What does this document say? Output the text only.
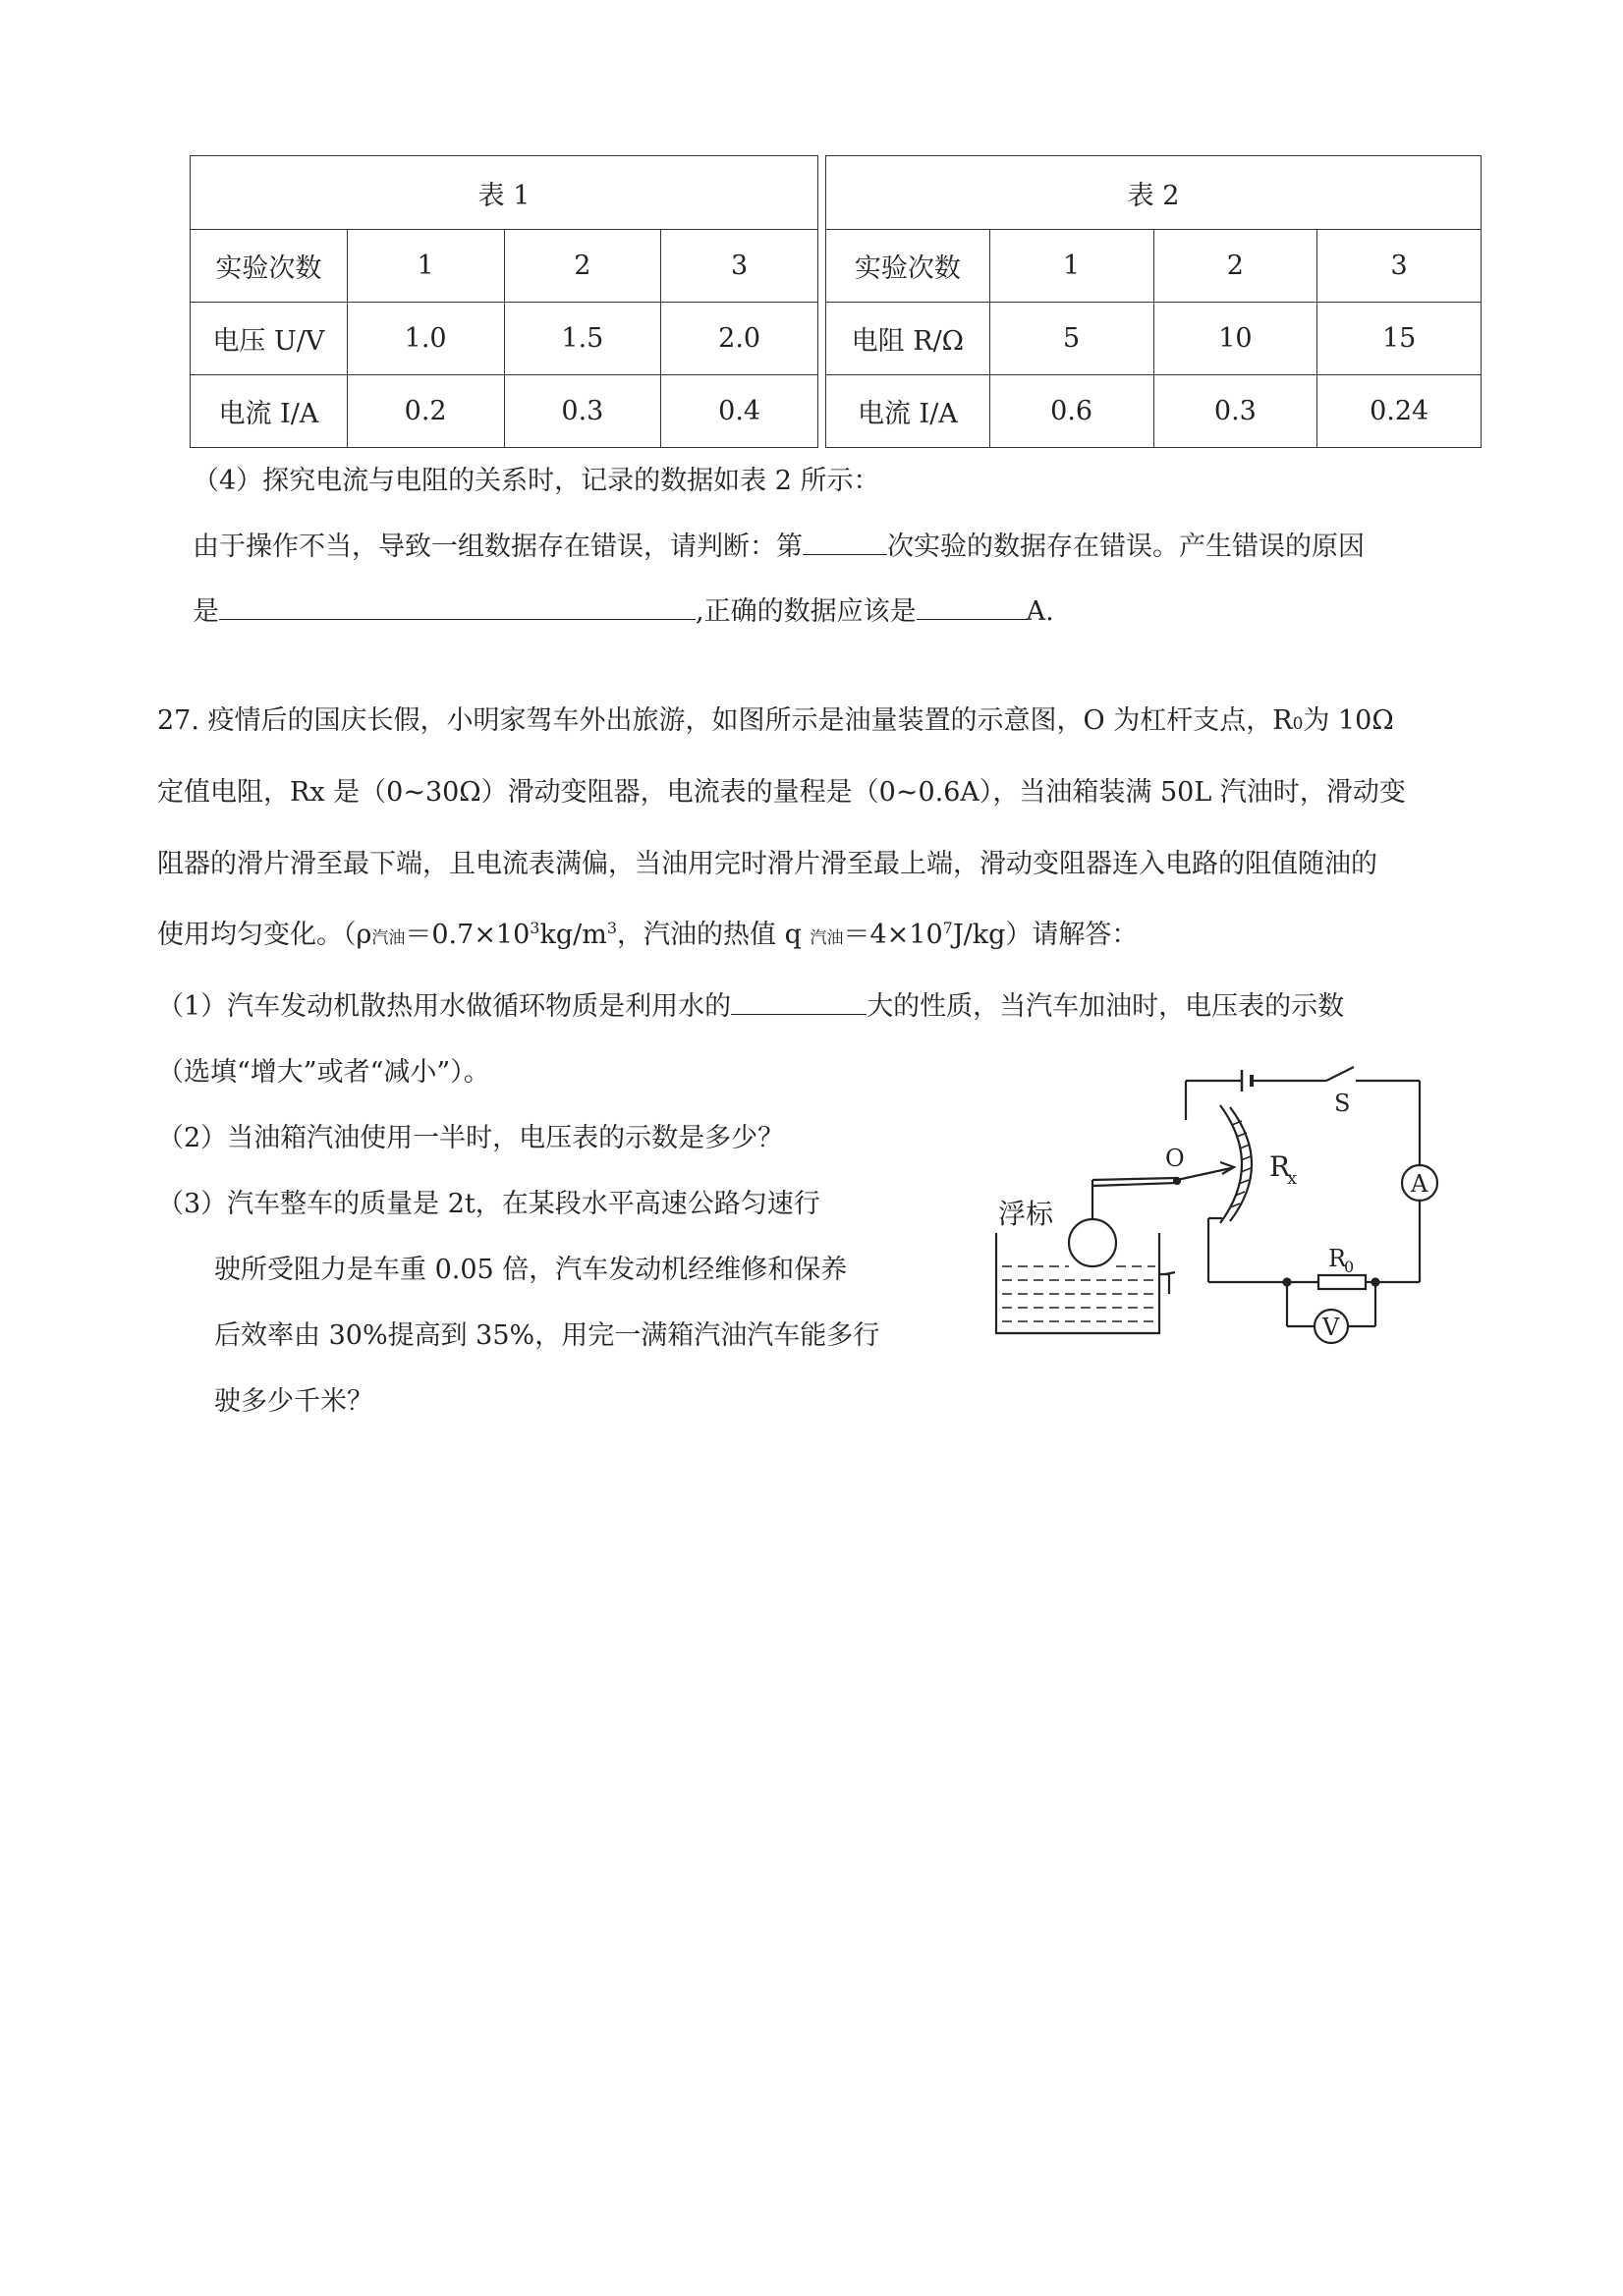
表 1			
实验次数	1	2	3
电压 U/V	1.0	1.5	2.0
电流 I/A	0.2	0.3	0.4
表 2			
实验次数	1	2	3
电阻 R/Ω	5	10	15
电流 I/A	0.6	0.3	0.24
（4）探究电流与电阻的关系时，记录的数据如表 2 所示：
由于操作不当，导致一组数据存在错误，请判断：第	次实验的数据存在错误。产生错误的原因
是	,正确的数据应该是	A.
27. 疫情后的国庆长假，小明家驾车外出旅游，如图所示是油量装置的示意图，O 为杠杆支点，R0为 10Ω
定值电阻，Rx 是（0~30Ω）滑动变阻器，电流表的量程是（0~0.6A），当油箱装满 50L 汽油时，滑动变
阻器的滑片滑至最下端，且电流表满偏，当油用完时滑片滑至最上端，滑动变阻器连入电路的阻值随油的
使用均匀变化。（ρ汽油$=0.7\times 10^3kg/m^3$，汽油的热值 q 汽油$=4\times 10^7J/kg$）请解答：
（1）汽车发动机散热用水做循环物质是利用水的	大的性质，当汽车加油时，电压表的示数
（选填“增大”或者“减小”）。
（2）当油箱汽油使用一半时，电压表的示数是多少？
（3）汽车整车的质量是 2t，在某段水平高速公路匀速行
驶所受阻力是车重 0.05 倍，汽车发动机经维修和保养
后效率由 30%提高到 35%，用完一满箱汽油汽车能多行
驶多少千米？
浮标
O
S
R
x
R
0
A
V
